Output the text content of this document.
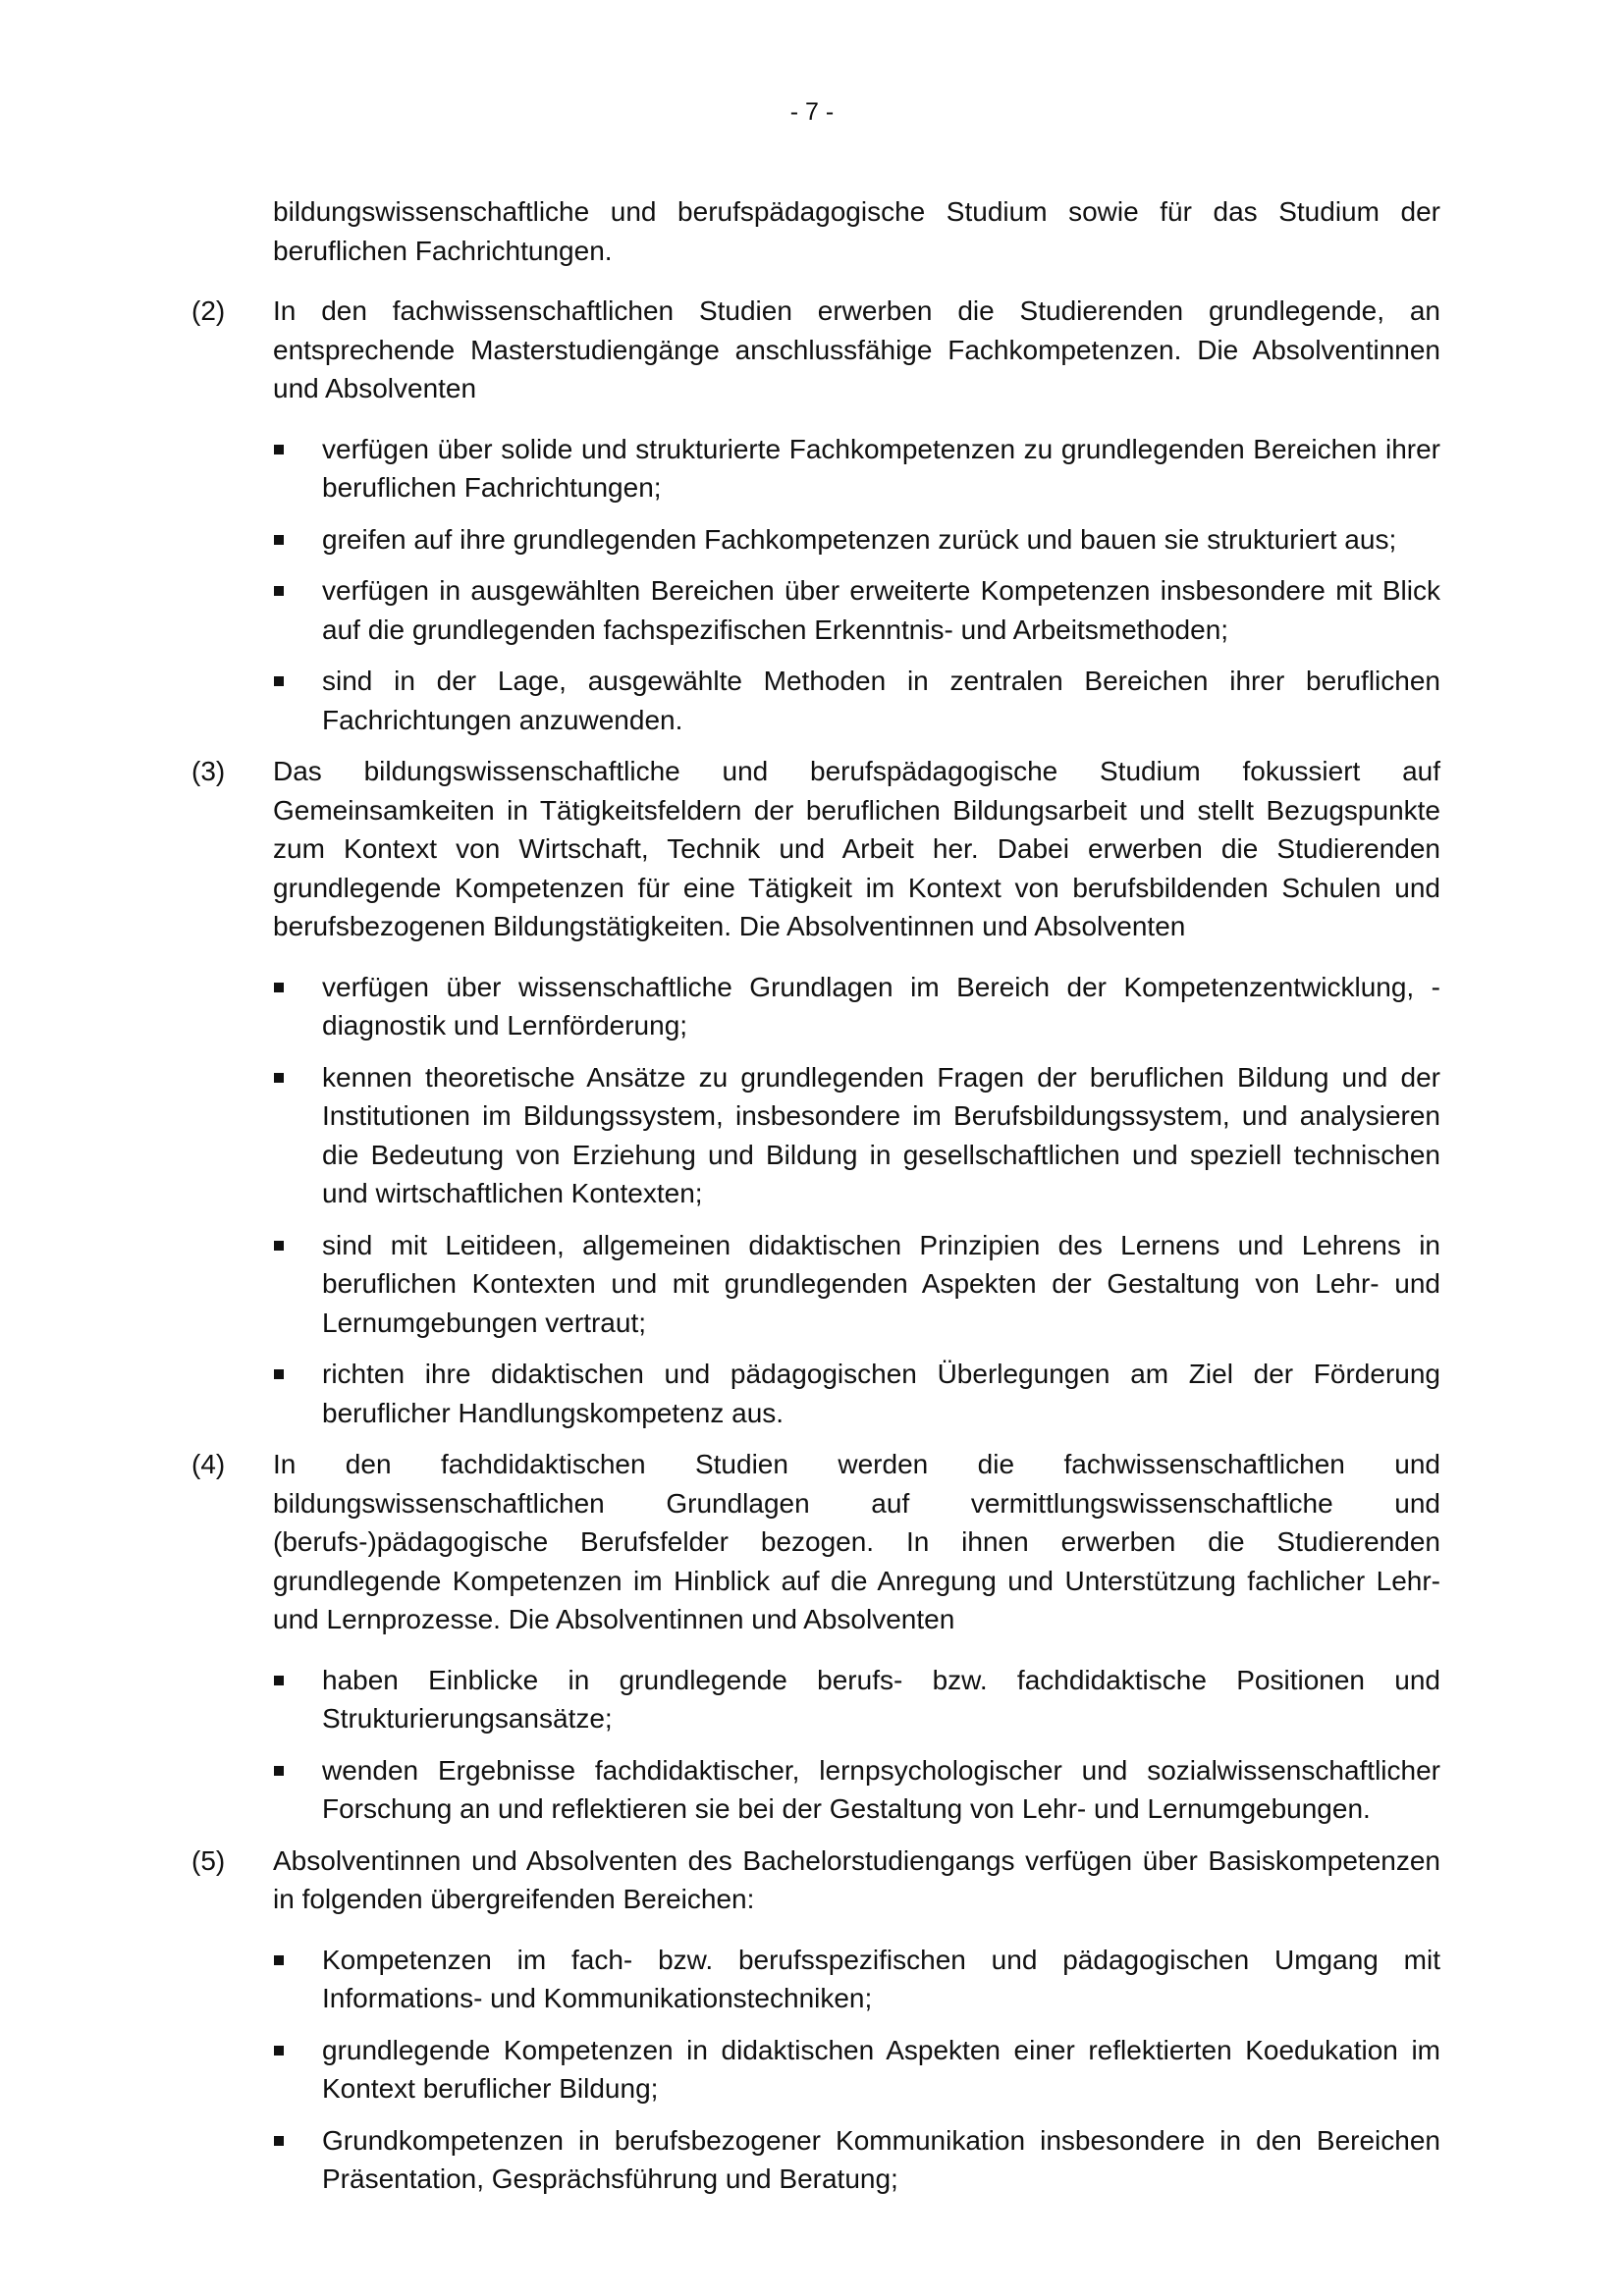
- 7 -

bildungswissenschaftliche und berufspädagogische Studium sowie für das Studium der beruflichen Fachrichtungen.

(2) In den fachwissenschaftlichen Studien erwerben die Studierenden grundlegende, an entsprechende Masterstudiengänge anschlussfähige Fachkompetenzen. Die Absolventinnen und Absolventen

verfügen über solide und strukturierte Fachkompetenzen zu grundlegenden Bereichen ihrer beruflichen Fachrichtungen;
greifen auf ihre grundlegenden Fachkompetenzen zurück und bauen sie strukturiert aus;
verfügen in ausgewählten Bereichen über erweiterte Kompetenzen insbesondere mit Blick auf die grundlegenden fachspezifischen Erkenntnis- und Arbeitsmethoden;
sind in der Lage, ausgewählte Methoden in zentralen Bereichen ihrer beruflichen Fachrichtungen anzuwenden.
(3) Das bildungswissenschaftliche und berufspädagogische Studium fokussiert auf Gemeinsamkeiten in Tätigkeitsfeldern der beruflichen Bildungsarbeit und stellt Bezugspunkte zum Kontext von Wirtschaft, Technik und Arbeit her. Dabei erwerben die Studierenden grundlegende Kompetenzen für eine Tätigkeit im Kontext von berufsbildenden Schulen und berufsbezogenen Bildungstätigkeiten. Die Absolventinnen und Absolventen

verfügen über wissenschaftliche Grundlagen im Bereich der Kompetenzentwicklung, -diagnostik und Lernförderung;
kennen theoretische Ansätze zu grundlegenden Fragen der beruflichen Bildung und der Institutionen im Bildungssystem, insbesondere im Berufsbildungssystem, und analysieren die Bedeutung von Erziehung und Bildung in gesellschaftlichen und speziell technischen und wirtschaftlichen Kontexten;
sind mit Leitideen, allgemeinen didaktischen Prinzipien des Lernens und Lehrens in beruflichen Kontexten und mit grundlegenden Aspekten der Gestaltung von Lehr- und Lernumgebungen vertraut;
richten ihre didaktischen und pädagogischen Überlegungen am Ziel der Förderung beruflicher Handlungskompetenz aus.
(4) In den fachdidaktischen Studien werden die fachwissenschaftlichen und bildungswissenschaftlichen Grundlagen auf vermittlungswissenschaftliche und (berufs-)pädagogische Berufsfelder bezogen. In ihnen erwerben die Studierenden grundlegende Kompetenzen im Hinblick auf die Anregung und Unterstützung fachlicher Lehr- und Lernprozesse. Die Absolventinnen und Absolventen

haben Einblicke in grundlegende berufs- bzw. fachdidaktische Positionen und Strukturierungsansätze;
wenden Ergebnisse fachdidaktischer, lernpsychologischer und sozialwissenschaftlicher Forschung an und reflektieren sie bei der Gestaltung von Lehr- und Lernumgebungen.
(5) Absolventinnen und Absolventen des Bachelorstudiengangs verfügen über Basiskompetenzen in folgenden übergreifenden Bereichen:

Kompetenzen im fach- bzw. berufsspezifischen und pädagogischen Umgang mit Informations- und Kommunikationstechniken;
grundlegende Kompetenzen in didaktischen Aspekten einer reflektierten Koedukation im Kontext beruflicher Bildung;
Grundkompetenzen in berufsbezogener Kommunikation insbesondere in den Bereichen Präsentation, Gesprächsführung und Beratung;
